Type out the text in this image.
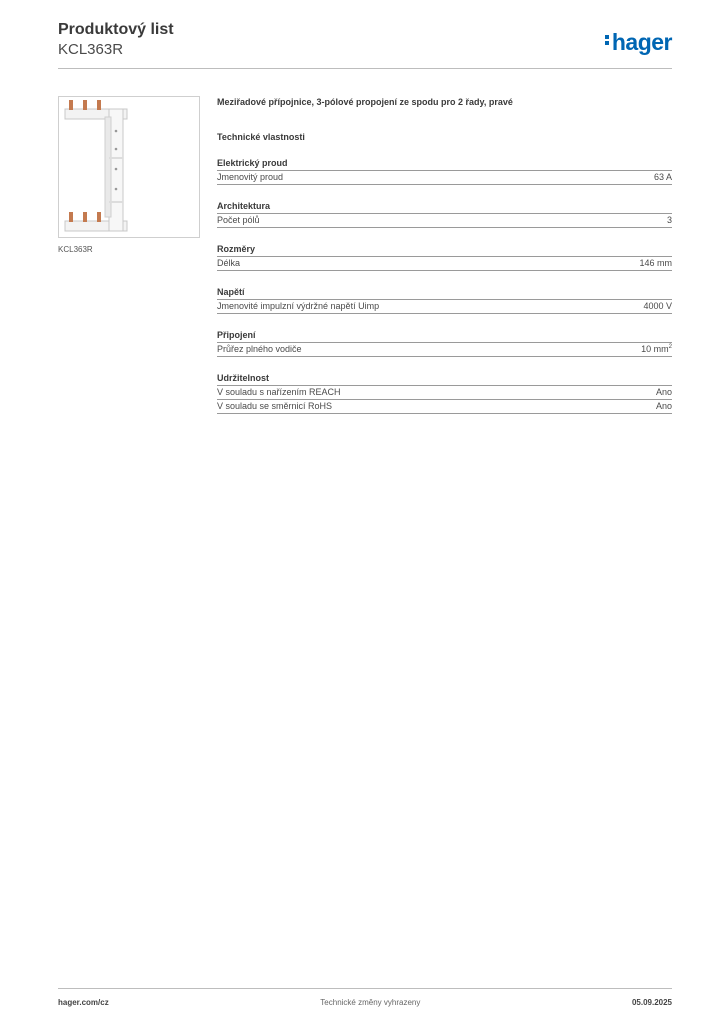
Produktový list
KCL363R	hager
KCL363R
Meziřadové přípojnice, 3-pólové propojení ze spodu pro 2 řady, pravé
Technické vlastnosti
Elektrický proud
Jmenovitý proud	63 A
Architektura
Počet pólů	3
Rozměry
Délka	146 mm
Napětí
Jmenovité impulzní výdržné napětí Uimp	4000 V
Připojení
Průřez plného vodiče	10 $mm^2$
Udržitelnost
V souladu s nařízením REACH	Ano
V souladu se směrnicí RoHS	Ano
hager.com/cz	Technické změny vyhrazeny	05.09.2025
